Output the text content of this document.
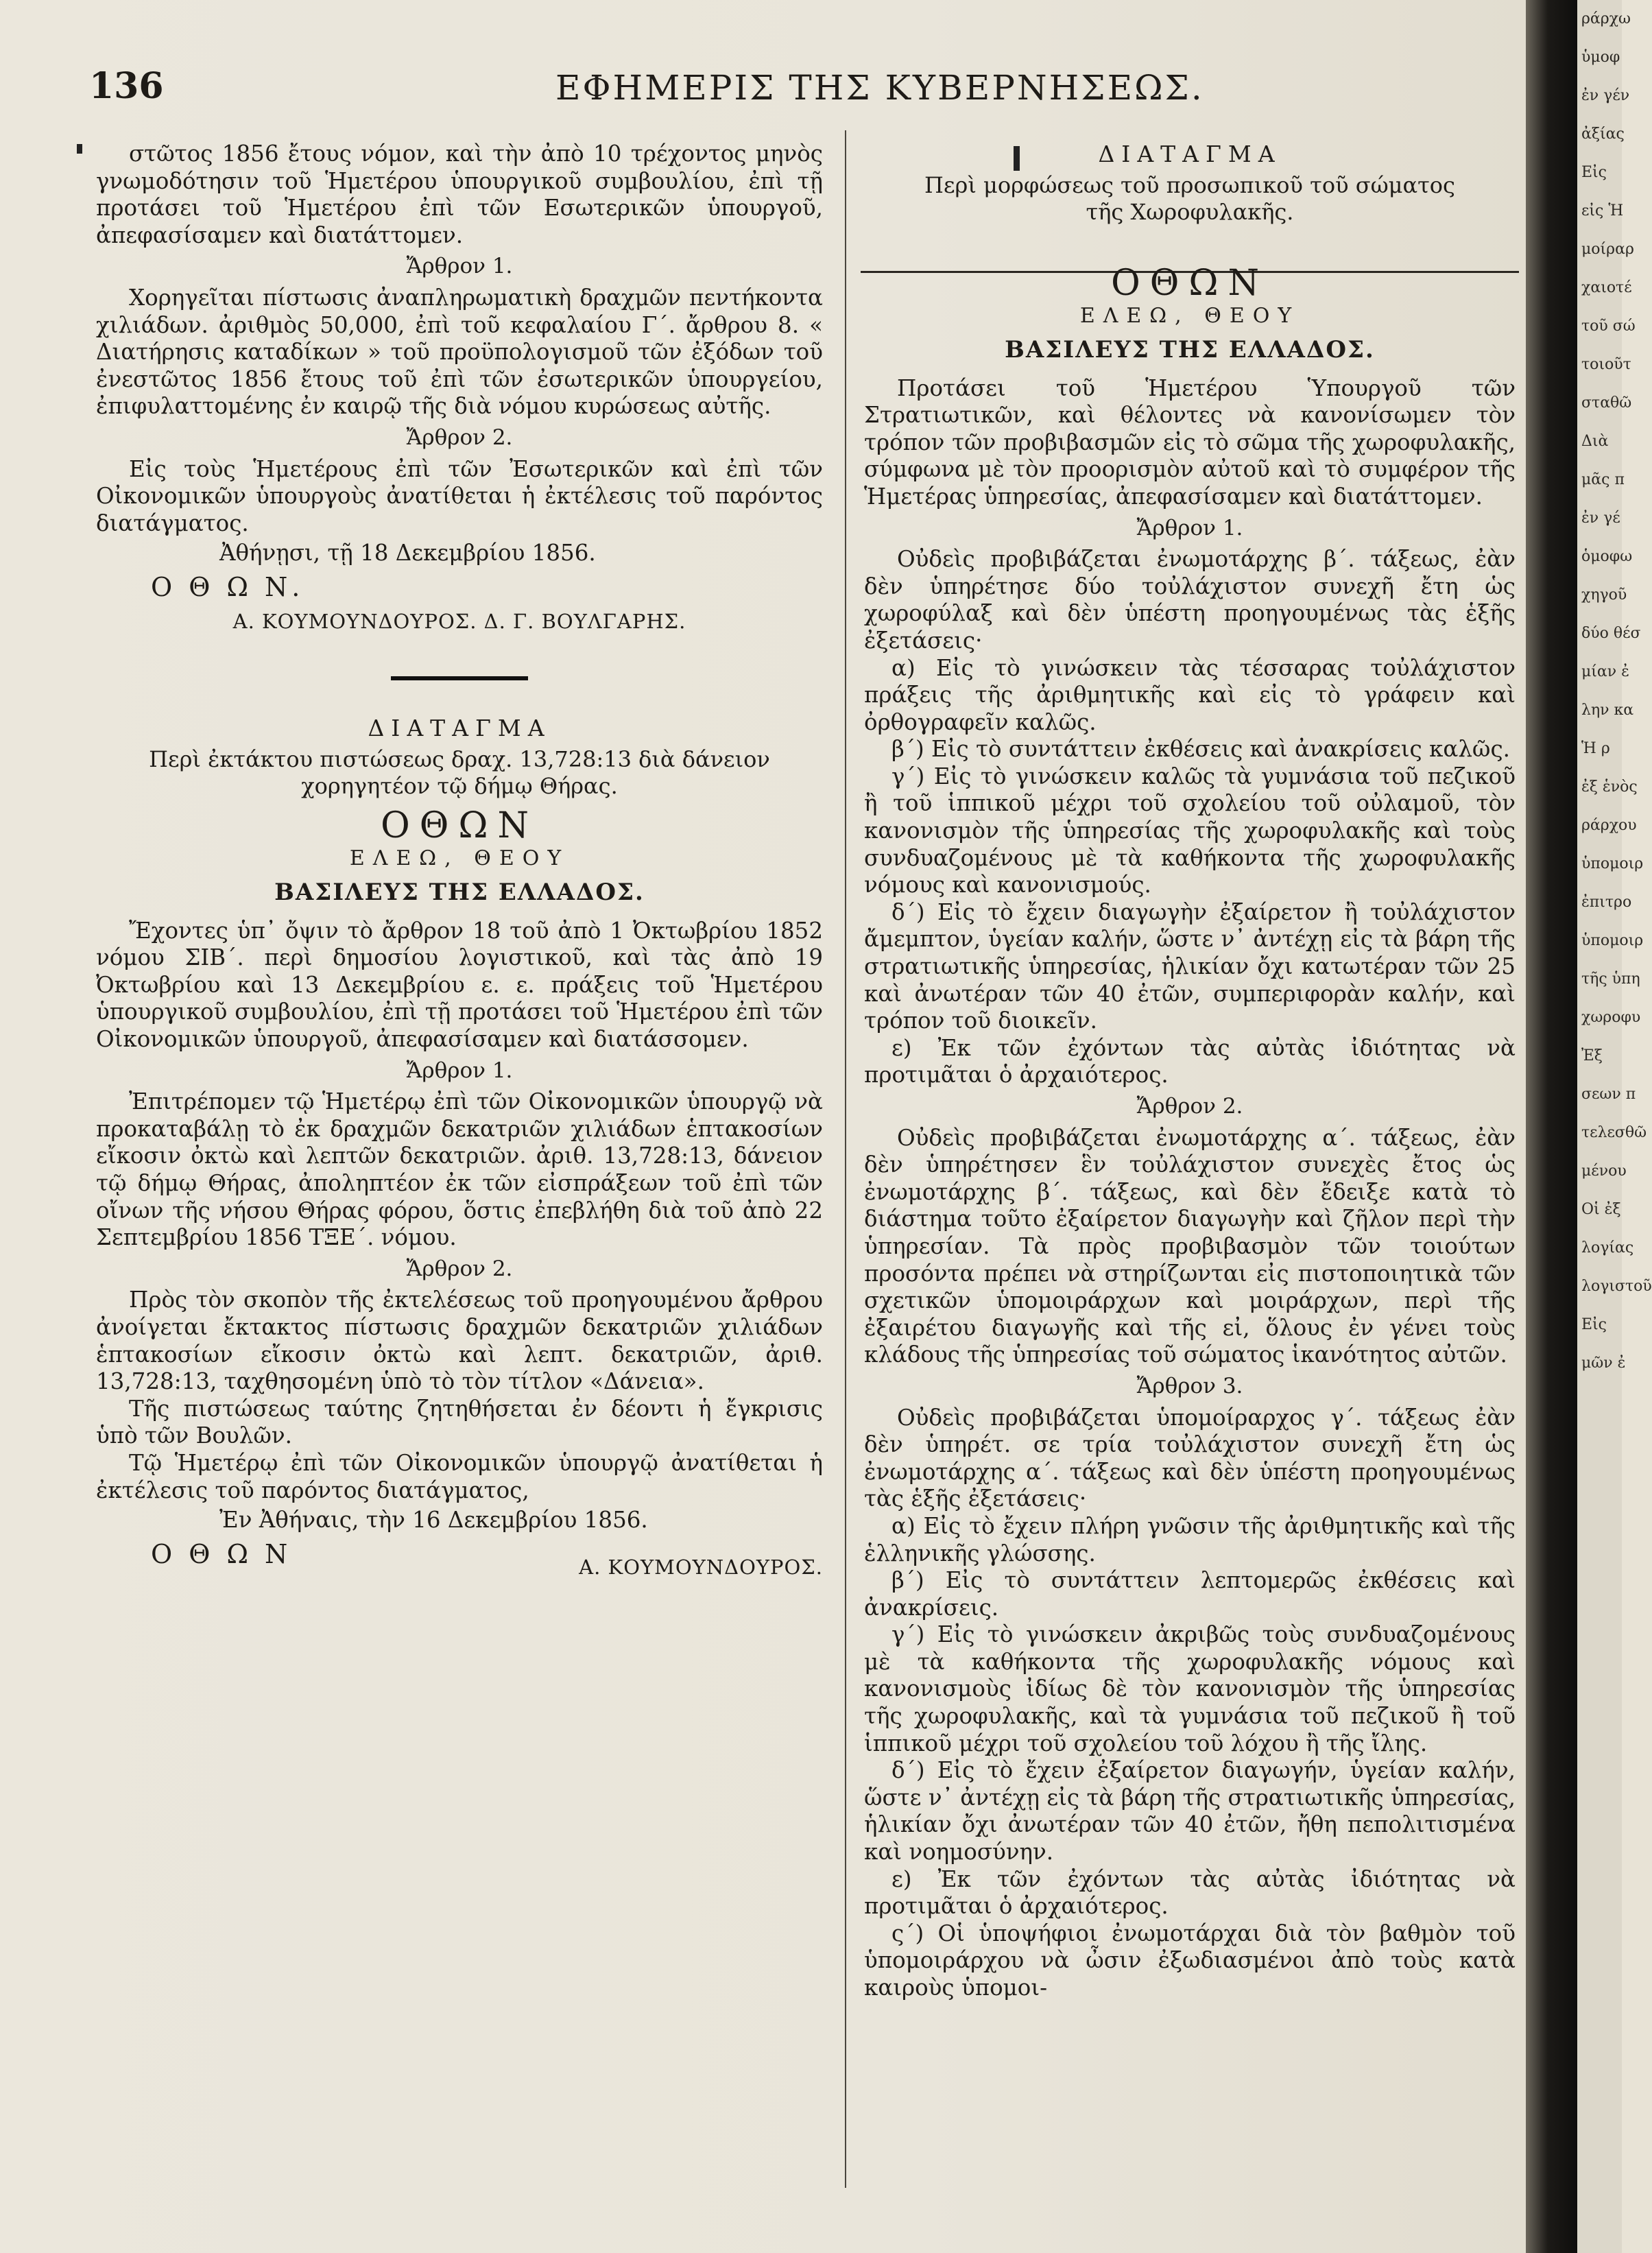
ράρχω
ὑμοφ
ἐν γέν
ἀξίας
Εἰς
εἰς Ἡ
μοίραρ
χαιοτέ
τοῦ σώ
τοιοῦτ
σταθῶ
Διὰ
μᾶς π
ἐν γέ
ὁμοφω
χηγοῦ
δύο θέσ
μίαν ἐ
λην κα
Ἡ ρ
ἐξ ἑνὸς
ράρχου
ὑπομοιρ
ἐπιτρο
ὑπομοιρ
τῆς ὑπη
χωροφυ
Ἐξ
σεων π
τελεσθῶ
μένου
Οἱ ἐξ
λογίας
λογιστοῦ
Εἰς
μῶν ἐ
136	ΕΦΗΜΕΡΙΣ ΤΗΣ ΚΥΒΕΡΝΗΣΕΩΣ.

στῶτος 1856 ἔτους νόμον, καὶ τὴν ἀπὸ 10 τρέχοντος μηνὸς γνωμοδότησιν τοῦ Ἡμετέρου ὑπουργικοῦ συμβουλίου, ἐπὶ τῇ προτάσει τοῦ Ἡμετέρου ἐπὶ τῶν Εσωτερικῶν ὑπουργοῦ, ἀπεφασίσαμεν καὶ διατάττομεν.

Ἄρθρον 1.

Χορηγεῖται πίστωσις ἀναπληρωματικὴ δραχμῶν πεντήκοντα χιλιάδων. ἀριθμὸς 50,000, ἐπὶ τοῦ κεφαλαίου Γ΄. ἄρθρου 8. « Διατήρησις καταδίκων » τοῦ προϋπολογισμοῦ τῶν ἐξόδων τοῦ ἐνεστῶτος 1856 ἔτους τοῦ ἐπὶ τῶν ἐσωτερικῶν ὑπουργείου, ἐπιφυλαττομένης ἐν καιρῷ τῆς διὰ νόμου κυρώσεως αὐτῆς.

Ἄρθρον 2.

Εἰς τοὺς Ἡμετέρους ἐπὶ τῶν Ἐσωτερικῶν καὶ ἐπὶ τῶν Οἰκονομικῶν ὑπουργοὺς ἀνατίθεται ἡ ἐκτέλεσις τοῦ παρόντος διατάγματος.

Ἀθήνῃσι, τῇ 18 Δεκεμβρίου 1856.

Ο Θ Ω Ν.
Α. ΚΟΥΜΟΥΝΔΟΥΡΟΣ. Δ. Γ. ΒΟΥΛΓΑΡΗΣ.
ΔΙΑΤΑΓΜΑ

Περὶ ἐκτάκτου πιστώσεως δραχ. 13,728:13 διὰ δάνειον χορηγητέον τῷ δήμῳ Θήρας.

ΟΘΩΝ
ΕΛΕΩ, ΘΕΟΥ
ΒΑΣΙΛΕΥΣ ΤΗΣ ΕΛΛΑΔΟΣ.

Ἔχοντες ὑπ᾽ ὄψιν τὸ ἄρθρον 18 τοῦ ἀπὸ 1 Ὀκτωβρίου 1852 νόμου ΣΙΒ΄. περὶ δημοσίου λογιστικοῦ, καὶ τὰς ἀπὸ 19 Ὀκτωβρίου καὶ 13 Δεκεμβρίου ε. ε. πράξεις τοῦ Ἡμετέρου ὑπουργικοῦ συμβουλίου, ἐπὶ τῇ προτάσει τοῦ Ἡμετέρου ἐπὶ τῶν Οἰκονομικῶν ὑπουργοῦ, ἀπεφασίσαμεν καὶ διατάσσομεν.

Ἄρθρον 1.

Ἐπιτρέπομεν τῷ Ἡμετέρῳ ἐπὶ τῶν Οἰκονομικῶν ὑπουργῷ νὰ προκαταβάλῃ τὸ ἐκ δραχμῶν δεκατριῶν χιλιάδων ἑπτακοσίων εἴκοσιν ὀκτὼ καὶ λεπτῶν δεκατριῶν. ἀριθ. 13,728:13, δάνειον τῷ δήμῳ Θήρας, ἀποληπτέον ἐκ τῶν εἰσπράξεων τοῦ ἐπὶ τῶν οἴνων τῆς νήσου Θήρας φόρου, ὅστις ἐπεβλήθη διὰ τοῦ ἀπὸ 22 Σεπτεμβρίου 1856 ΤΞΕ΄. νόμου.

Ἄρθρον 2.

Πρὸς τὸν σκοπὸν τῆς ἐκτελέσεως τοῦ προηγουμένου ἄρθρου ἀνοίγεται ἔκτακτος πίστωσις δραχμῶν δεκατριῶν χιλιάδων ἑπτακοσίων εἴκοσιν ὀκτὼ καὶ λεπτ. δεκατριῶν, ἀριθ. 13,728:13, ταχθησομένη ὑπὸ τὸ τὸν τίτλον «Δάνεια».

Τῆς πιστώσεως ταύτης ζητηθήσεται ἐν δέοντι ἡ ἔγκρισις ὑπὸ τῶν Βουλῶν.

Τῷ Ἡμετέρῳ ἐπὶ τῶν Οἰκονομικῶν ὑπουργῷ ἀνατίθεται ἡ ἐκτέλεσις τοῦ παρόντος διατάγματος,

Ἐν Ἀθήναις, τὴν 16 Δεκεμβρίου 1856.

Ο Θ Ω Ν	Α. ΚΟΥΜΟΥΝΔΟΥΡΟΣ.
ΔΙΑΤΑΓΜΑ

Περὶ μορφώσεως τοῦ προσωπικοῦ τοῦ σώματος τῆς Χωροφυλακῆς.

ΟΘΩΝ
ΕΛΕΩ, ΘΕΟΥ
ΒΑΣΙΛΕΥΣ ΤΗΣ ΕΛΛΑΔΟΣ.

Προτάσει τοῦ Ἡμετέρου Ὑπουργοῦ τῶν Στρατιωτικῶν, καὶ θέλοντες νὰ κανονίσωμεν τὸν τρόπον τῶν προβιβασμῶν εἰς τὸ σῶμα τῆς χωροφυλακῆς, σύμφωνα μὲ τὸν προορισμὸν αὐτοῦ καὶ τὸ συμφέρον τῆς Ἡμετέρας ὑπηρεσίας, ἀπεφασίσαμεν καὶ διατάττομεν.

Ἄρθρον 1.

Οὐδεὶς προβιβάζεται ἐνωμοτάρχης β΄. τάξεως, ἐὰν δὲν ὑπηρέτησε δύο τοὐλάχιστον συνεχῆ ἔτη ὡς χωροφύλαξ καὶ δὲν ὑπέστη προηγουμένως τὰς ἑξῆς ἐξετάσεις·

α) Εἰς τὸ γινώσκειν τὰς τέσσαρας τοὐλάχιστον πράξεις τῆς ἀριθμητικῆς καὶ εἰς τὸ γράφειν καὶ ὀρθογραφεῖν καλῶς.

β΄) Εἰς τὸ συντάττειν ἐκθέσεις καὶ ἀνακρίσεις καλῶς.

γ΄) Εἰς τὸ γινώσκειν καλῶς τὰ γυμνάσια τοῦ πεζικοῦ ἢ τοῦ ἱππικοῦ μέχρι τοῦ σχολείου τοῦ οὐλαμοῦ, τὸν κανονισμὸν τῆς ὑπηρεσίας τῆς χωροφυλακῆς καὶ τοὺς συνδυαζομένους μὲ τὰ καθήκοντα τῆς χωροφυλακῆς νόμους καὶ κανονισμούς.

δ΄) Εἰς τὸ ἔχειν διαγωγὴν ἐξαίρετον ἢ τοὐλάχιστον ἄμεμπτον, ὑγείαν καλήν, ὥστε ν᾽ ἀντέχῃ εἰς τὰ βάρη τῆς στρατιωτικῆς ὑπηρεσίας, ἡλικίαν ὄχι κατωτέραν τῶν 25 καὶ ἀνωτέραν τῶν 40 ἐτῶν, συμπεριφορὰν καλήν, καὶ τρόπον τοῦ διοικεῖν.

ε) Ἐκ τῶν ἐχόντων τὰς αὐτὰς ἰδιότητας νὰ προτιμᾶται ὁ ἀρχαιότερος.

Ἄρθρον 2.

Οὐδεὶς προβιβάζεται ἐνωμοτάρχης α΄. τάξεως, ἐὰν δὲν ὑπηρέτησεν ἓν τοὐλάχιστον συνεχὲς ἔτος ὡς ἐνωμοτάρχης β΄. τάξεως, καὶ δὲν ἔδειξε κατὰ τὸ διάστημα τοῦτο ἐξαίρετον διαγωγὴν καὶ ζῆλον περὶ τὴν ὑπηρεσίαν. Τὰ πρὸς προβιβασμὸν τῶν τοιούτων προσόντα πρέπει νὰ στηρίζωνται εἰς πιστοποιητικὰ τῶν σχετικῶν ὑπομοιράρχων καὶ μοιράρχων, περὶ τῆς ἐξαιρέτου διαγωγῆς καὶ τῆς εἰ, ὅλους ἐν γένει τοὺς κλάδους τῆς ὑπηρεσίας τοῦ σώματος ἱκανότητος αὐτῶν.

Ἄρθρον 3.

Οὐδεὶς προβιβάζεται ὑπομοίραρχος γ΄. τάξεως ἐὰν δὲν ὑπηρέτ. σε τρία τοὐλάχιστον συνεχῆ ἔτη ὡς ἐνωμοτάρχης α΄. τάξεως καὶ δὲν ὑπέστη προηγουμένως τὰς ἑξῆς ἐξετάσεις·

α) Εἰς τὸ ἔχειν πλήρη γνῶσιν τῆς ἀριθμητικῆς καὶ τῆς ἑλληνικῆς γλώσσης.

β΄) Εἰς τὸ συντάττειν λεπτομερῶς ἐκθέσεις καὶ ἀνακρίσεις.

γ΄) Εἰς τὸ γινώσκειν ἀκριβῶς τοὺς συνδυαζομένους μὲ τὰ καθήκοντα τῆς χωροφυλακῆς νόμους καὶ κανονισμοὺς ἰδίως δὲ τὸν κανονισμὸν τῆς ὑπηρεσίας τῆς χωροφυλακῆς, καὶ τὰ γυμνάσια τοῦ πεζικοῦ ἢ τοῦ ἱππικοῦ μέχρι τοῦ σχολείου τοῦ λόχου ἢ τῆς ἴλης.

δ΄) Εἰς τὸ ἔχειν ἐξαίρετον διαγωγήν, ὑγείαν καλήν, ὥστε ν᾽ ἀντέχῃ εἰς τὰ βάρη τῆς στρατιωτικῆς ὑπηρεσίας, ἡλικίαν ὄχι ἀνωτέραν τῶν 40 ἐτῶν, ἤθη πεπολιτισμένα καὶ νοημοσύνην.

ε) Ἐκ τῶν ἐχόντων τὰς αὐτὰς ἰδιότητας νὰ προτιμᾶται ὁ ἀρχαιότερος.

ς΄) Οἱ ὑποψήφιοι ἐνωμοτάρχαι διὰ τὸν βαθμὸν τοῦ ὑπομοιράρχου νὰ ὦσιν ἐξωδιασμένοι ἀπὸ τοὺς κατὰ καιροὺς ὑπομοι-
